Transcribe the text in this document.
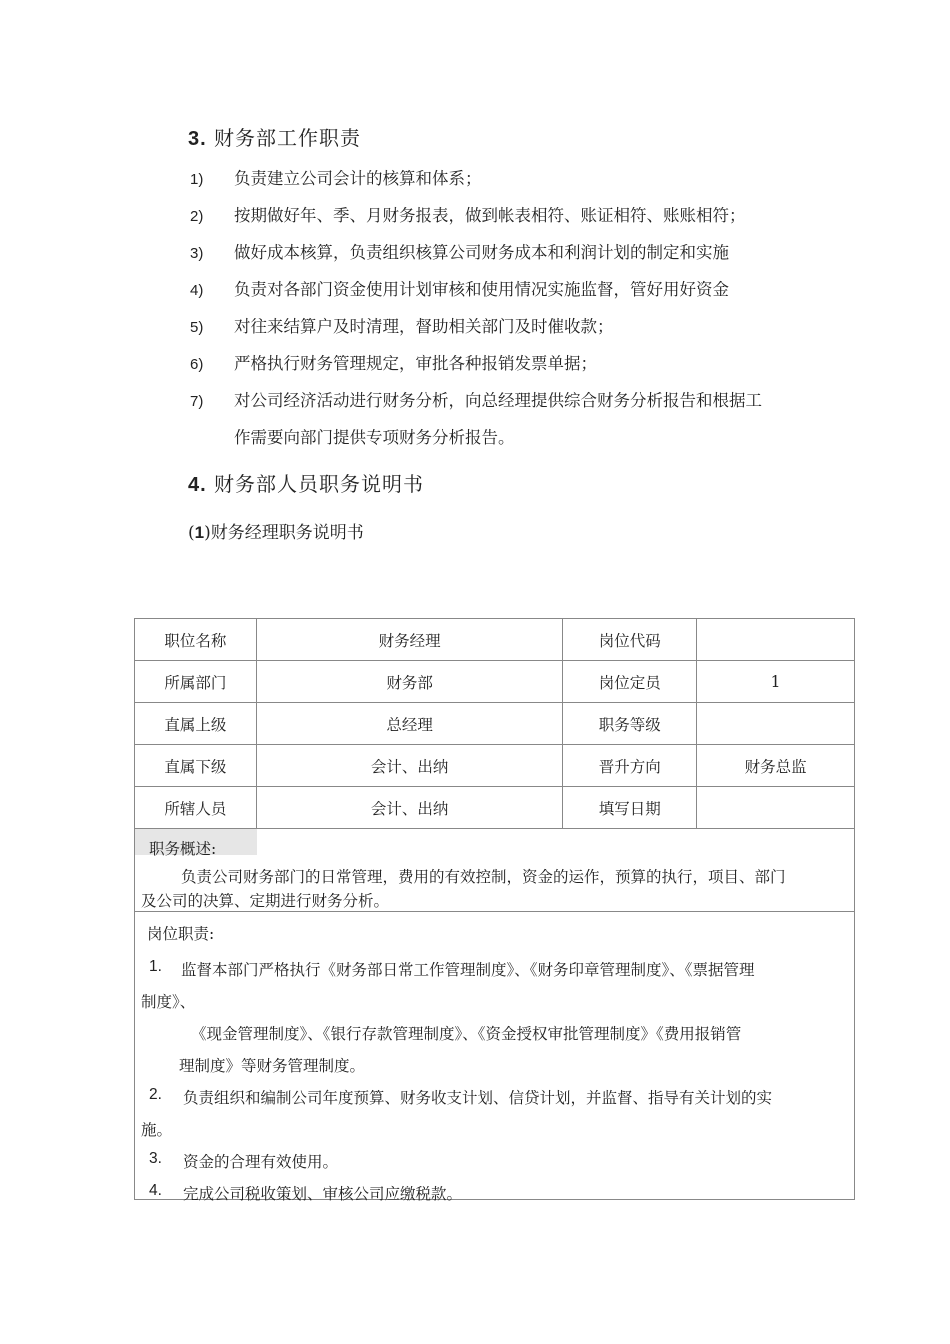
3. 财务部工作职责
1) 负责建立公司会计的核算和体系；
2) 按期做好年、季、月财务报表，做到帐表相符、账证相符、账账相符；
3) 做好成本核算，负责组织核算公司财务成本和利润计划的制定和实施
4) 负责对各部门资金使用计划审核和使用情况实施监督，管好用好资金
5) 对往来结算户及时清理，督助相关部门及时催收款；
6) 严格执行财务管理规定，审批各种报销发票单据；
7) 对公司经济活动进行财务分析，向总经理提供综合财务分析报告和根据工
作需要向部门提供专项财务分析报告。
4. 财务部人员职务说明书
(1)财务经理职务说明书
职位名称	财务经理	岗位代码	
所属部门	财务部	岗位定员	1
直属上级	总经理	职务等级	
直属下级	会计、出纳	晋升方向	财务总监
所辖人员	会计、出纳	填写日期	
职务概述:
负责公司财务部门的日常管理，费用的有效控制，资金的运作，预算的执行，项目、部门
及公司的决算、定期进行财务分析。
岗位职责:
1. 监督本部门严格执行《财务部日常工作管理制度》、《财务印章管理制度》、《票据管理
制度》、
《现金管理制度》、《银行存款管理制度》、《资金授权审批管理制度》《费用报销管
理制度》等财务管理制度。
2. 负责组织和编制公司年度预算、财务收支计划、信贷计划，并监督、指导有关计划的实
施。
3. 资金的合理有效使用。
4. 完成公司税收策划、审核公司应缴税款。
